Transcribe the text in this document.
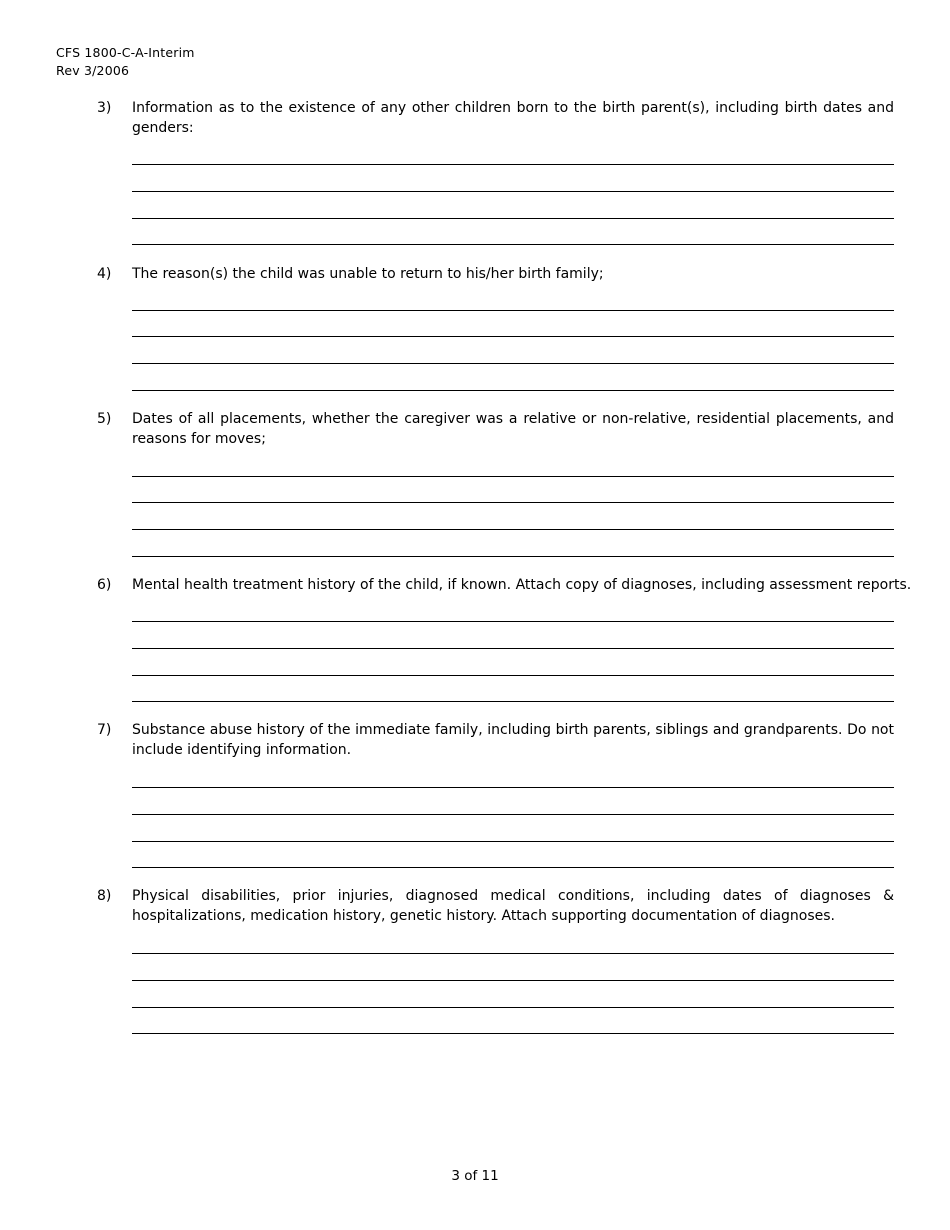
CFS 1800-C-A-Interim
Rev 3/2006
3) Information as to the existence of any other children born to the birth parent(s), including birth dates and genders:
4) The reason(s) the child was unable to return to his/her birth family;
5) Dates of all placements, whether the caregiver was a relative or non-relative, residential placements, and reasons for moves;
6) Mental health treatment history of the child, if known. Attach copy of diagnoses, including assessment reports.
7) Substance abuse history of the immediate family, including birth parents, siblings and grandparents. Do not include identifying information.
8) Physical disabilities, prior injuries, diagnosed medical conditions, including dates of diagnoses & hospitalizations, medication history, genetic history. Attach supporting documentation of diagnoses.
3 of 11
